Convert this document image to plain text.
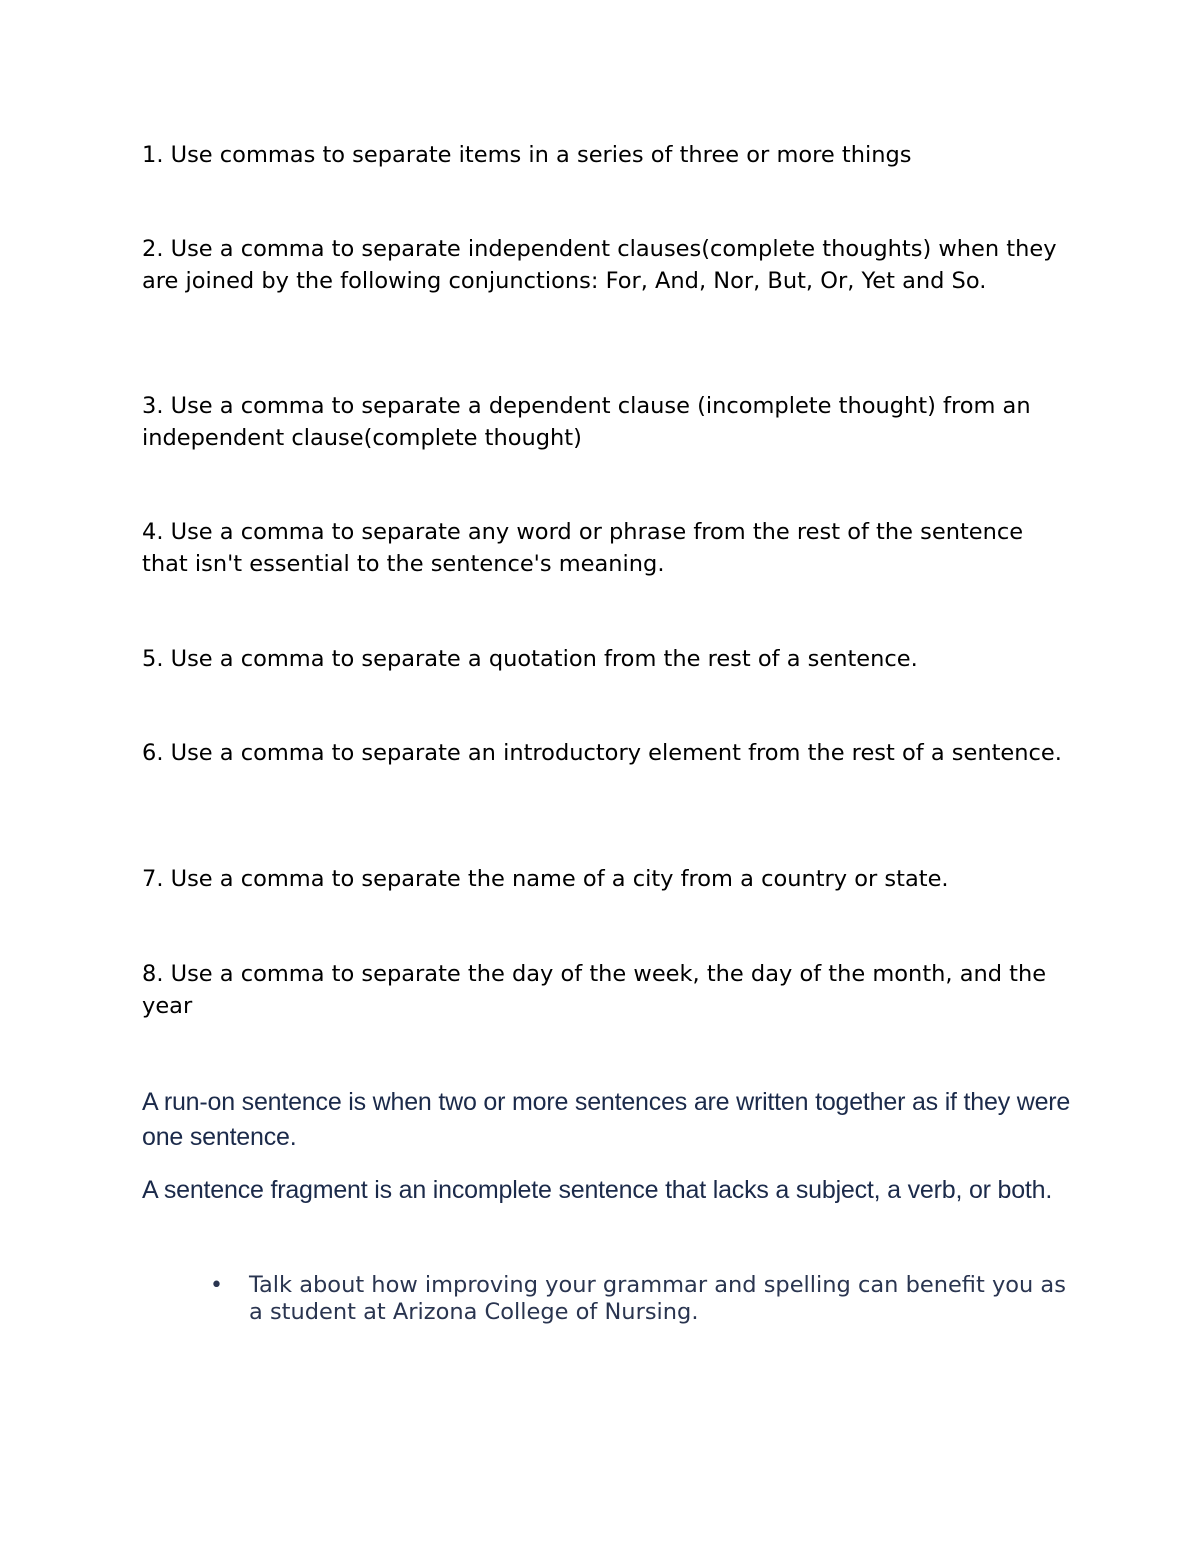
1. Use commas to separate items in a series of three or more things

2. Use a comma to separate independent clauses(complete thoughts) when they are joined by the following conjunctions: For, And, Nor, But, Or, Yet and So.

3. Use a comma to separate a dependent clause (incomplete thought) from an independent clause(complete thought)

4. Use a comma to separate any word or phrase from the rest of the sentence that isn't essential to the sentence's meaning.

5. Use a comma to separate a quotation from the rest of a sentence.

6. Use a comma to separate an introductory element from the rest of a sentence.

7. Use a comma to separate the name of a city from a country or state.

8. Use a comma to separate the day of the week, the day of the month, and the year

A run-on sentence is when two or more sentences are written together as if they were one sentence.

A sentence fragment is an incomplete sentence that lacks a subject, a verb, or both.

• Talk about how improving your grammar and spelling can benefit you as a student at Arizona College of Nursing.
